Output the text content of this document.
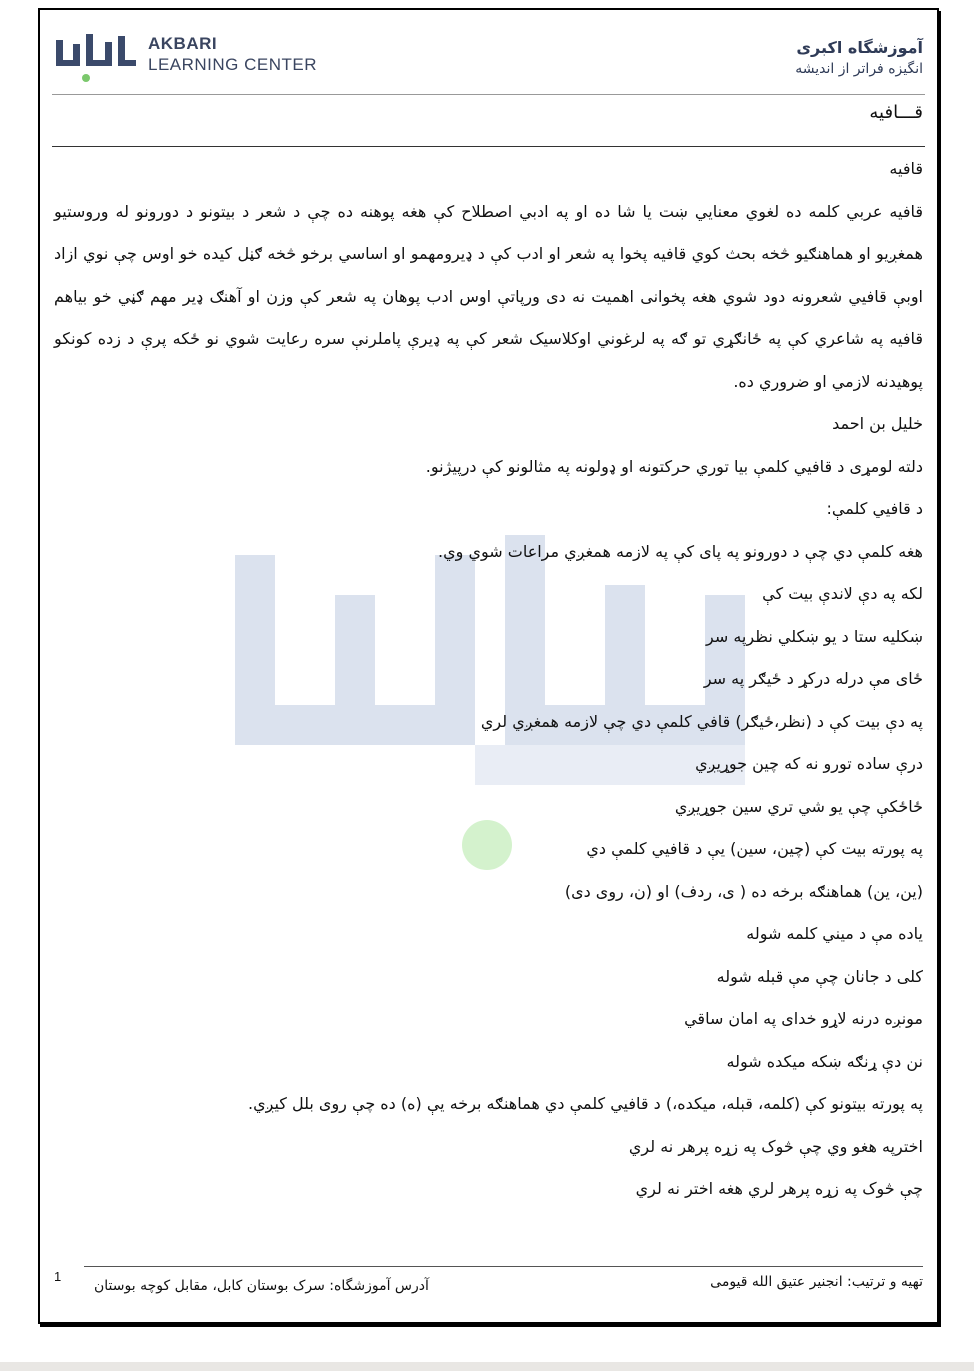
AKBARI
LEARNING CENTER
آموزشگاه اکبری
انگیزه فراتر از اندیشه
قـــافيه
قافيه
قافيه عربي كلمه ده لغوي معنايي ښت يا شا ده او په ادبي اصطلاح کې هغه پوهنه ده چې د شعر د بيتونو د دورونو له وروستيو همغږيو او هماهنګيو څخه بحث كوي قافيه پخوا په شعر او ادب کې د ډيرومهمو او اساسي برخو څخه ګڼل کيده خو اوس چې نوي ازاد اوبې قافيي شعرونه دود شوي هغه پخوانی اهميت نه دی ورپاتې اوس ادب پوهان په شعر کې وزن او آهنګ ډير مهم ګڼي خو بياهم قافيه په شاعري کې په ځانګړي تو ګه په لرغوني اوكلاسيک شعر کې په ډيرې پاملرنې سره رعايت شوي نو ځکه پرې د زده کونکو پوهيدنه لازمي او ضروري ده.
خليل بن احمد
دلته لومړی د قافيي کلمې بيا توري حرکتونه او ډولونه په مثالونو کې درپيژنو.
د قافيي کلمې:
هغه کلمې دي چې د دورونو په پای کې په لازمه همغږي مراعات شوي وي.
لکه په دې لاندې بيت کې
ښكليه ستا د يو ښکلي نظرپه سر
ځای مې درله درکړ د ځيګر په سر
په دې بيت کې د (نظر،ځيګر) قافي کلمې دي چې لازمه همغږي لري
درې ساده تورو نه که چين جوړيږي
ځاځکې چې يو شي تري سين جوړيږي
په پورته بيت کې (چين، سين) يې د قافيي کلمې دي
(ين، ين) هماهنګه برخه ده ( ی، ردف) او (ن، روی دی)
ياده مې د ميني کلمه شوله
کلی د جانان چې مې قبله شوله
مونږه درنه لاړو خدای په امان ساقي
نن دې ړنګه ښکه ميکده شوله
په پورته بيتونو کې (کلمه، قبله، ميکده،) د قافيي کلمې دي هماهنګه برخه يې (ه) ده چې روی بلل کيږي.
اخترپه هغو وي چې څوک په زړه پرهر نه لري
چې څوک په زړه پرهر لري هغه اختر نه لري
1
آدرس آموزشگاه: سرک بوستان کابل، مقابل کوچه بوستان	تهيه و ترتيب: انجنير عتيق الله قيومی
